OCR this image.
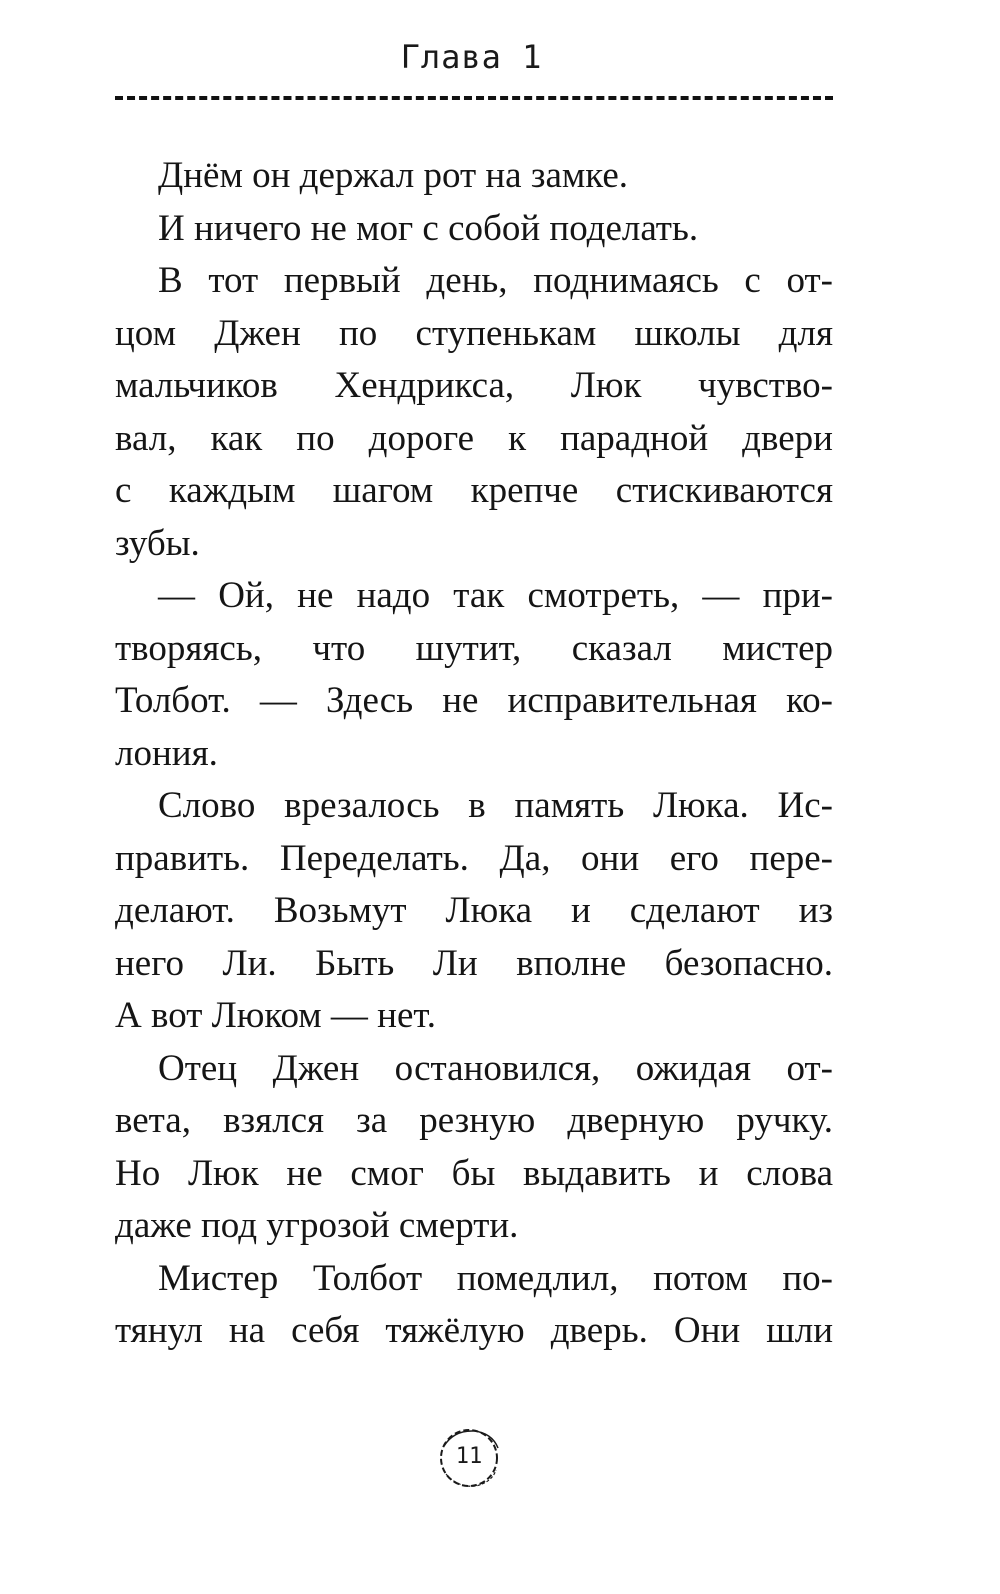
Глава 1
Днём он держал рот на замке.
И ничего не мог с собой поделать.
В тот первый день, поднимаясь с от-
цом Джен по ступенькам школы для
мальчиков Хендрикса, Люк чувство-
вал, как по дороге к парадной двери
с каждым шагом крепче стискиваются
зубы.
— Ой, не надо так смотреть, — при-
творяясь, что шутит, сказал мистер
Толбот. — Здесь не исправительная ко-
лония.
Слово врезалось в память Люка. Ис-
править. Переделать. Да, они его пере-
делают. Возьмут Люка и сделают из
него Ли. Быть Ли вполне безопасно.
А вот Люком — нет.
Отец Джен остановился, ожидая от-
вета, взялся за резную дверную ручку.
Но Люк не смог бы выдавить и слова
даже под угрозой смерти.
Мистер Толбот помедлил, потом по-
тянул на себя тяжёлую дверь. Они шли
11
